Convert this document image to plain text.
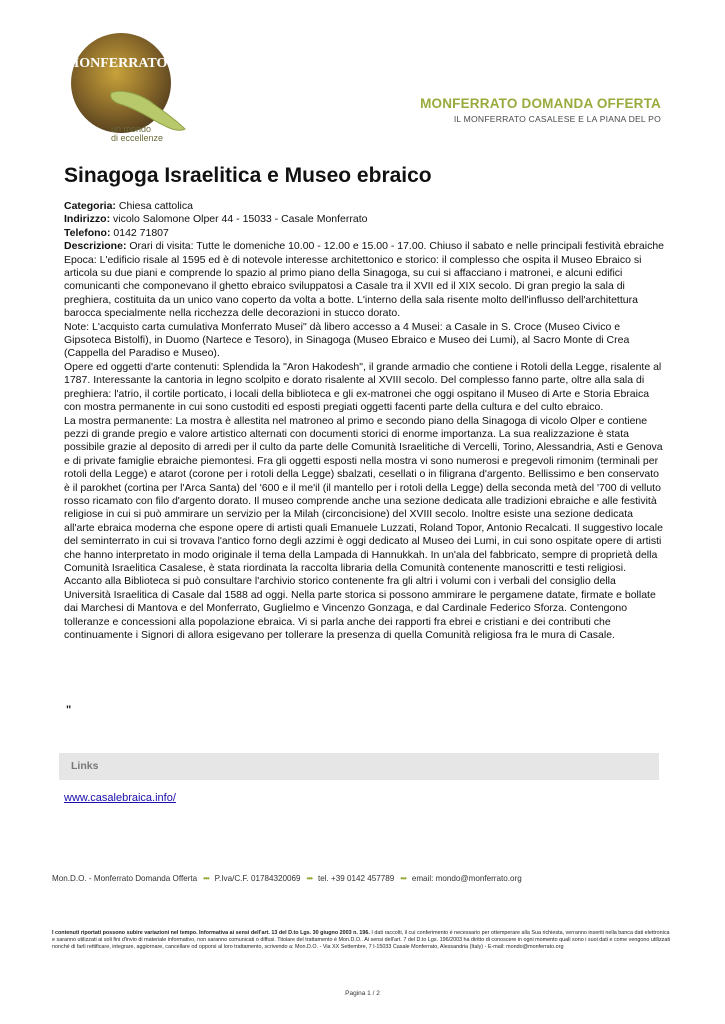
MONFERRATO
un mondo
di eccellenze
MONFERRATO DOMANDA OFFERTA
IL MONFERRATO CASALESE E LA PIANA DEL PO
Sinagoga Israelitica e Museo ebraico

Categoria: Chiesa cattolica

Indirizzo: vicolo Salomone Olper 44 - 15033 - Casale Monferrato

Telefono: 0142 71807

Descrizione: Orari di visita: Tutte le domeniche 10.00 - 12.00 e 15.00 - 17.00. Chiuso il sabato e nelle principali festività ebraiche

Epoca: L'edificio risale al 1595 ed è di notevole interesse architettonico e storico: il complesso che ospita il Museo Ebraico si articola su due piani e comprende lo spazio al primo piano della Sinagoga, su cui si affacciano i matronei, e alcuni edifici comunicanti che componevano il ghetto ebraico sviluppatosi a Casale tra il XVII ed il XIX secolo. Di gran pregio la sala di preghiera, costituita da un unico vano coperto da volta a botte. L'interno della sala risente molto dell'influsso dell'architettura barocca specialmente nella ricchezza delle decorazioni in stucco dorato.

Note: L'acquisto carta cumulativa Monferrato Musei" dà libero accesso a 4 Musei: a Casale in S. Croce (Museo Civico e Gipsoteca Bistolfi), in Duomo (Nartece e Tesoro), in Sinagoga (Museo Ebraico e Museo dei Lumi), al Sacro Monte di Crea (Cappella del Paradiso e Museo).

Opere ed oggetti d'arte contenuti: Splendida la "Aron Hakodesh", il grande armadio che contiene i Rotoli della Legge, risalente al 1787. Interessante la cantoria in legno scolpito e dorato risalente al XVIII secolo. Del complesso fanno parte, oltre alla sala di preghiera: l'atrio, il cortile porticato, i locali della biblioteca e gli ex-matronei che oggi ospitano il Museo di Arte e Storia Ebraica con mostra permanente in cui sono custoditi ed esposti pregiati oggetti facenti parte della cultura e del culto ebraico.

La mostra permanente: La mostra è allestita nel matroneo al primo e secondo piano della Sinagoga di vicolo Olper e contiene pezzi di grande pregio e valore artistico alternati con documenti storici di enorme importanza. La sua realizzazione è stata possibile grazie al deposito di arredi per il culto da parte delle Comunità Israelitiche di Vercelli, Torino, Alessandria, Asti e Genova e di private famiglie ebraiche piemontesi. Fra gli oggetti esposti nella mostra vi sono numerosi e pregevoli rimonim (terminali per rotoli della Legge) e atarot (corone per i rotoli della Legge) sbalzati, cesellati o in filigrana d'argento. Bellissimo e ben conservato è il parokhet (cortina per l'Arca Santa) del '600 e il me'il (il mantello per i rotoli della Legge) della seconda metà del '700 di velluto rosso ricamato con filo d'argento dorato. Il museo comprende anche una sezione dedicata alle tradizioni ebraiche e alle festività religiose in cui si può ammirare un servizio per la Milah (circoncisione) del XVIII secolo. Inoltre esiste una sezione dedicata all'arte ebraica moderna che espone opere di artisti quali Emanuele Luzzati, Roland Topor, Antonio Recalcati. Il suggestivo locale del seminterrato in cui si trovava l'antico forno degli azzimi è oggi dedicato al Museo dei Lumi, in cui sono ospitate opere di artisti che hanno interpretato in modo originale il tema della Lampada di Hannukkah. In un'ala del fabbricato, sempre di proprietà della Comunità Israelitica Casalese, è stata riordinata la raccolta libraria della Comunità contenente manoscritti e testi religiosi. Accanto alla Biblioteca si può consultare l'archivio storico contenente fra gli altri i volumi con i verbali del consiglio della Università Israelitica di Casale dal 1588 ad oggi. Nella parte storica si possono ammirare le pergamene datate, firmate e bollate dai Marchesi di Mantova e del Monferrato, Guglielmo e Vincenzo Gonzaga, e dal Cardinale Federico Sforza. Contengono tolleranze e concessioni alla popolazione ebraica. Vi si parla anche dei rapporti fra ebrei e cristiani e dei contributi che continuamente i Signori di allora esigevano per tollerare la presenza di quella Comunità religiosa fra le mura di Casale.

"
Links
www.casalebraica.info/
Mon.D.O. - Monferrato Domanda Offerta ••• P.Iva/C.F. 01784320069 ••• tel. +39 0142 457789 ••• email: mondo@monferrato.org
I contenuti riportati possono subire variazioni nel tempo. Informativa ai sensi dell'art. 13 del D.to Lgs. 30 giugno 2003 n. 196. I dati raccolti, il cui conferimento è necessario per ottemperare alla Sua richiesta, verranno inseriti nella banca dati elettronica e saranno utilizzati ai soli fini d'invio di materiale informativo, non saranno comunicati o diffusi. Titolare del trattamento è Mon.D.O.. Ai sensi dell'art. 7 del D.to Lgs. 196/2003 ha diritto di conoscere in ogni momento quali sono i suoi dati e come vengono utilizzati nonché di farli rettificare, integrare, aggiornare, cancellare od opporsi al loro trattamento, scrivendo a: Mon.D.O. - Via XX Settembre, 7 I-15033 Casale Monferrato, Alessandria (Italy) - E-mail: mondo@monferrato.org
Pagina 1 / 2
